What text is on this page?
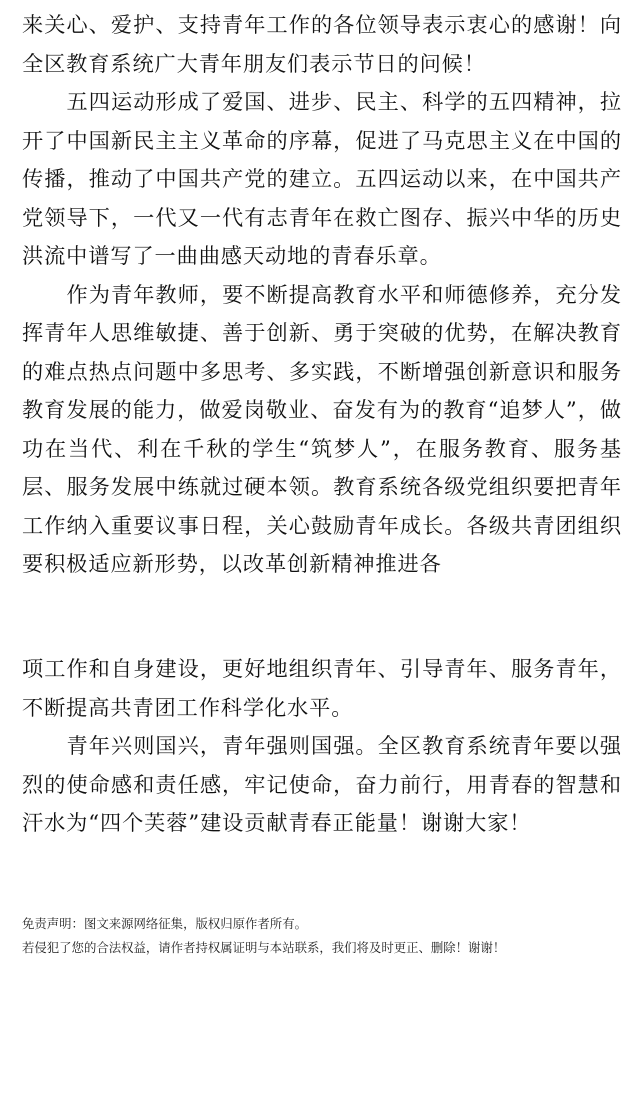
来关心、爱护、支持青年工作的各位领导表示衷心的感谢！向全区教育系统广大青年朋友们表示节日的问候！

五四运动形成了爱国、进步、民主、科学的五四精神，拉开了中国新民主主义革命的序幕，促进了马克思主义在中国的传播，推动了中国共产党的建立。五四运动以来，在中国共产党领导下，一代又一代有志青年在救亡图存、振兴中华的历史洪流中谱写了一曲曲感天动地的青春乐章。

作为青年教师，要不断提高教育水平和师德修养，充分发挥青年人思维敏捷、善于创新、勇于突破的优势，在解决教育的难点热点问题中多思考、多实践，不断增强创新意识和服务教育发展的能力，做爱岗敬业、奋发有为的教育“追梦人”，做功在当代、利在千秋的学生“筑梦人”，在服务教育、服务基层、服务发展中练就过硬本领。教育系统各级党组织要把青年工作纳入重要议事日程，关心鼓励青年成长。各级共青团组织要积极适应新形势，以改革创新精神推进各

项工作和自身建设，更好地组织青年、引导青年、服务青年，不断提高共青团工作科学化水平。

青年兴则国兴，青年强则国强。全区教育系统青年要以强烈的使命感和责任感，牢记使命，奋力前行，用青春的智慧和汗水为“四个芙蓉”建设贡献青春正能量！谢谢大家！

免责声明：图文来源网络征集，版权归原作者所有。

若侵犯了您的合法权益，请作者持权属证明与本站联系，我们将及时更正、删除！谢谢！
